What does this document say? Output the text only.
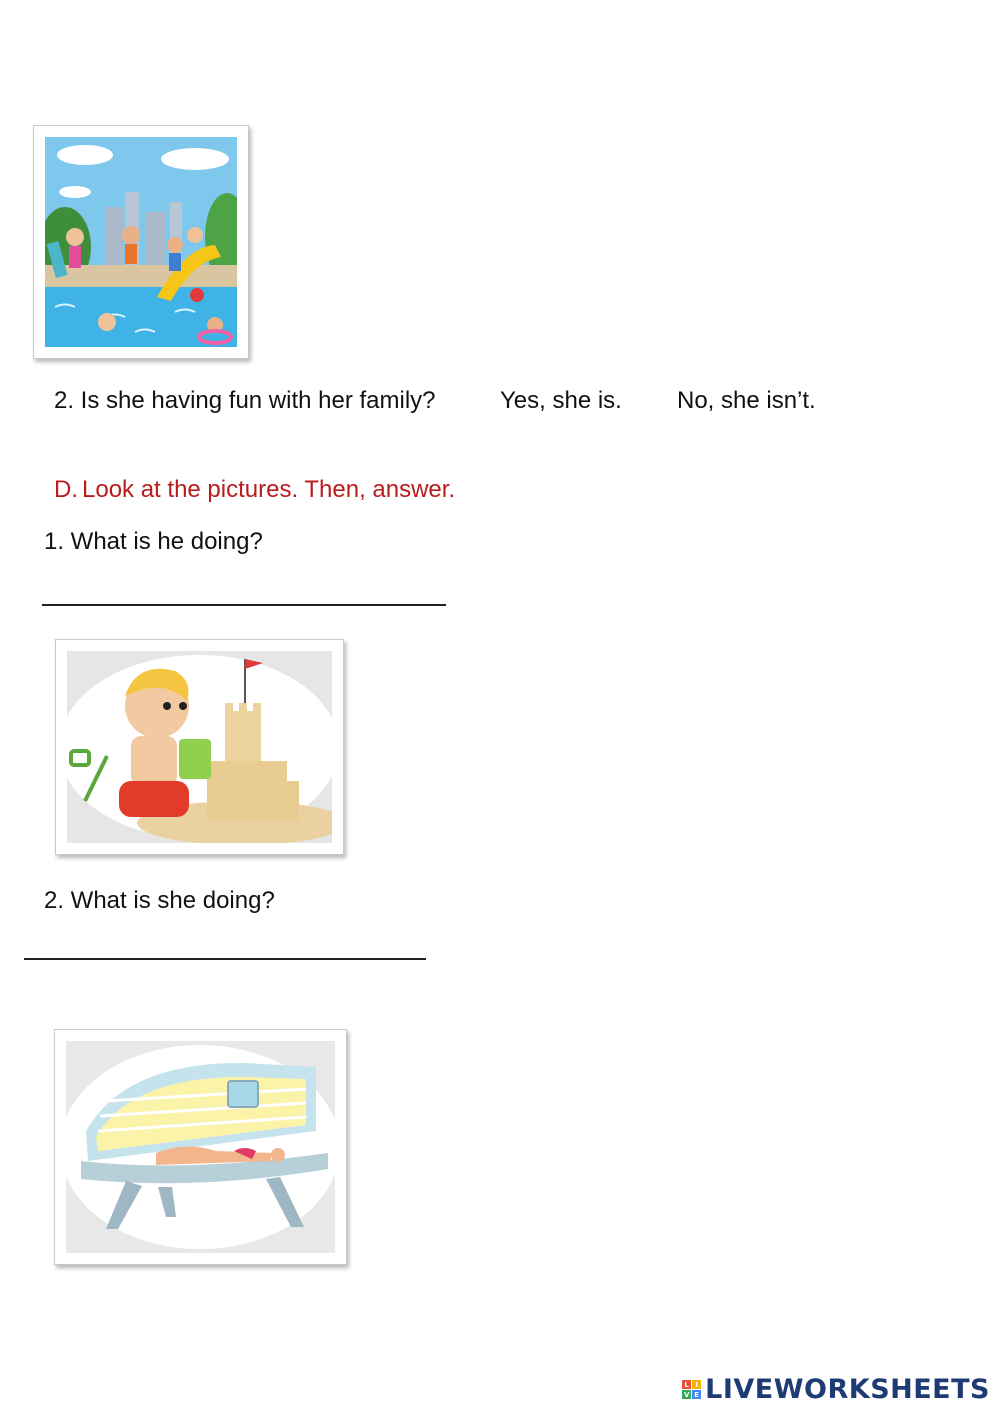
2. Is she having fun with her family?	Yes, she is. No, she isn’t.
D. Look at the pictures. Then, answer.
1. What is he doing?
2. What is she doing?
L I
V E LIVEWORKSHEETS
